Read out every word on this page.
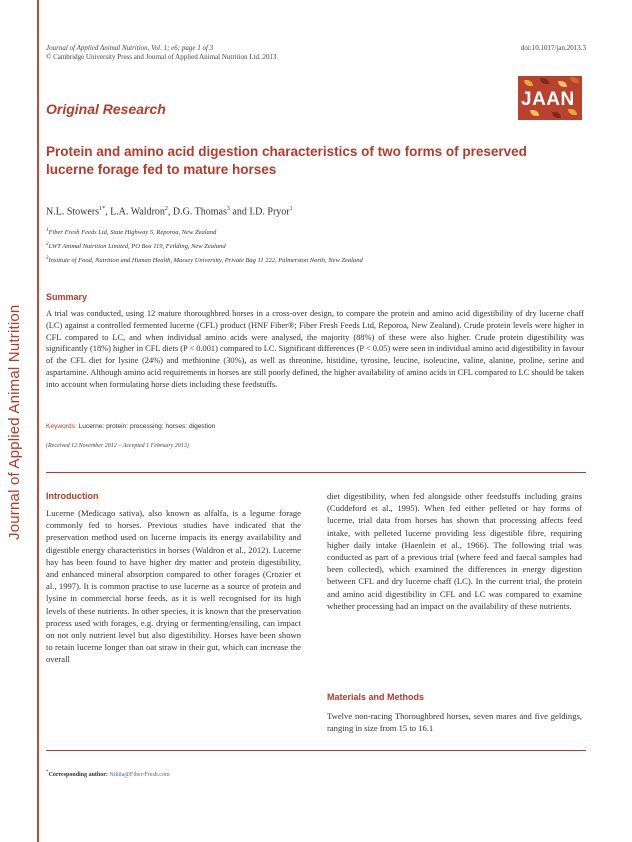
Journal of Applied Animal Nutrition
Journal of Applied Animal Nutrition, Vol. 1; e6; page 1 of 3
© Cambridge University Press and Journal of Applied Animal Nutrition Ltd. 2013
doi:10.1017/jan.2013.3
JAAN
Original Research
Protein and amino acid digestion characteristics of two forms of preserved lucerne forage fed to mature horses
N.L. Stowers$^{1*}$, L.A. Waldron$^2$, D.G. Thomas$^3$ and I.D. Pryor$^1$
$^1$Fiber Fresh Feeds Ltd, State Highway 5, Reporoa, New Zealand
$^2$LWT Animal Nutrition Limited, PO Box 119, Feilding, New Zealand
$^3$Institute of Food, Nutrition and Human Health, Massey University, Private Bag 11 222, Palmerston North, New Zealand
Summary
A trial was conducted, using 12 mature thoroughbred horses in a cross-over design, to compare the protein and amino acid digestibility of dry lucerne chaff (LC) against a controlled fermented lucerne (CFL) product (HNF Fiber®; Fiber Fresh Feeds Ltd, Reporoa, New Zealand). Crude protein levels were higher in CFL compared to LC, and when individual amino acids were analysed, the majority (88%) of these were also higher. Crude protein digestibility was significantly (18%) higher in CFL diets (P < 0.001) compared to LC. Significant differences (P < 0.05) were seen in individual amino acid digestibility in favour of the CFL diet for lysine (24%) and methionine (30%), as well as threonine, histidine, tyrosine, leucine, isoleucine, valine, alanine, proline, serine and aspartamine. Although amino acid requirements in horses are still poorly defined, the higher availability of amino acids in CFL compared to LC should be taken into account when formulating horse diets including these feedstuffs.
Keywords: Lucerne: protein: processing: horses: digestion
(Received 12 November 2012 – Accepted 1 February 2013)
Introduction

Lucerne (Medicago sativa), also known as alfalfa, is a legume forage commonly fed to horses. Previous studies have indicated that the preservation method used on lucerne impacts its energy availability and digestible energy characteristics in horses (Waldron et al., 2012). Lucerne hay has been found to have higher dry matter and protein digestibility, and enhanced mineral absorption compared to other forages (Crozier et al., 1997). It is common practise to use lucerne as a source of protein and lysine in commercial horse feeds, as it is well recognised for its high levels of these nutrients. In other species, it is known that the preservation process used with forages, e.g. drying or fermenting/ensiling, can impact on not only nutrient level but also digestibility. Horses have been shown to retain lucerne longer than oat straw in their gut, which can increase the overall

diet digestibility, when fed alongside other feedstuffs including grains (Cuddeford et al., 1995). When fed either pelleted or hay forms of lucerne, trial data from horses has shown that processing affects feed intake, with pelleted lucerne providing less digestible fibre, requiring higher daily intake (Haenlein et al., 1966). The following trial was conducted as part of a previous trial (where feed and faecal samples had been collected), which examined the differences in energy digestion between CFL and dry lucerne chaff (LC). In the current trial, the protein and amino acid digestibility in CFL and LC was compared to examine whether processing had an impact on the availability of these nutrients.

Materials and Methods

Twelve non-racing Thoroughbred horses, seven mares and five geldings, ranging in size from 15 to 16.1

*Corresponding author: Nikita@Fiber-Fresh.com
